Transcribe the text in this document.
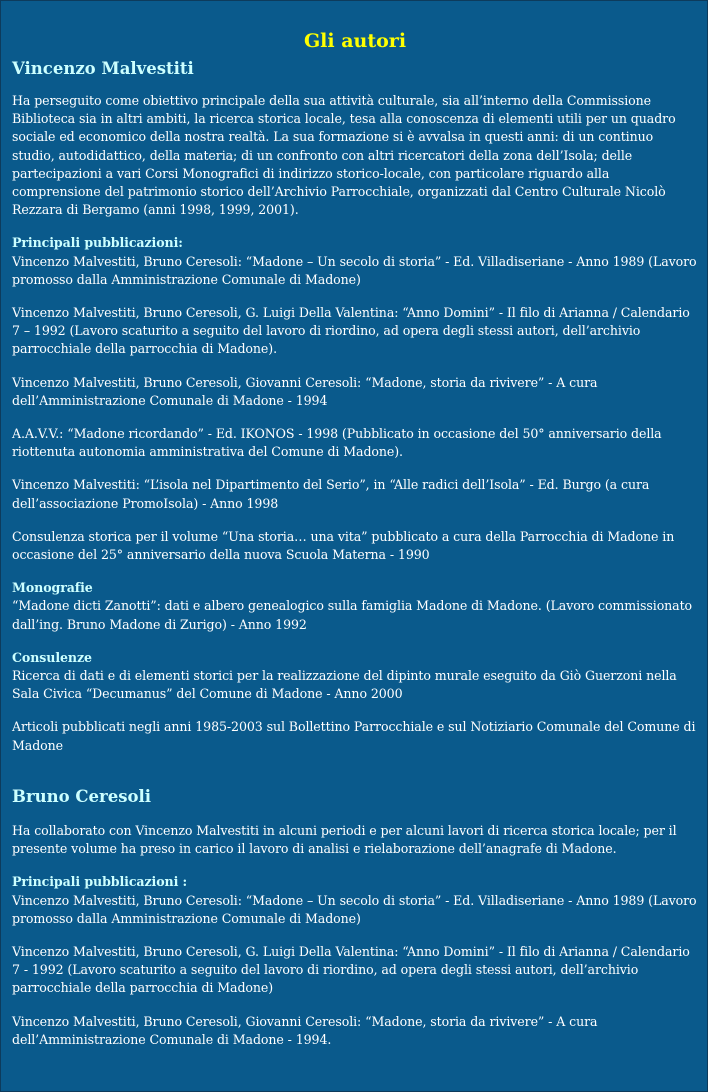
Gli autori
Vincenzo Malvestiti

Ha perseguito come obiettivo principale della sua attività culturale, sia all’interno della Commissione Biblioteca sia in altri ambiti, la ricerca storica locale, tesa alla conoscenza di elementi utili per un quadro sociale ed economico della nostra realtà. La sua formazione si è avvalsa in questi anni: di un continuo studio, autodidattico, della materia; di un confronto con altri ricercatori della zona dell’Isola; delle partecipazioni a vari Corsi Monografici di indirizzo storico-locale, con particolare riguardo alla comprensione del patrimonio storico dell’Archivio Parrocchiale, organizzati dal Centro Culturale Nicolò Rezzara di Bergamo (anni 1998, 1999, 2001).

Principali pubblicazioni:
Vincenzo Malvestiti, Bruno Ceresoli: “Madone – Un secolo di storia” - Ed. Villadiseriane - Anno 1989 (Lavoro promosso dalla Amministrazione Comunale di Madone)

Vincenzo Malvestiti, Bruno Ceresoli, G. Luigi Della Valentina: “Anno Domini” - Il filo di Arianna / Calendario 7 – 1992 (Lavoro scaturito a seguito del lavoro di riordino, ad opera degli stessi autori, dell’archivio parrocchiale della parrocchia di Madone).

Vincenzo Malvestiti, Bruno Ceresoli, Giovanni Ceresoli: “Madone, storia da rivivere” - A cura dell’Amministrazione Comunale di Madone - 1994

A.A.V.V.: “Madone ricordando” - Ed. IKONOS - 1998 (Pubblicato in occasione del 50° anniversario della riottenuta autonomia amministrativa del Comune di Madone).

Vincenzo Malvestiti: “L’isola nel Dipartimento del Serio”, in “Alle radici dell’Isola” - Ed. Burgo (a cura dell’associazione PromoIsola) - Anno 1998

Consulenza storica per il volume “Una storia… una vita” pubblicato a cura della Parrocchia di Madone in occasione del 25° anniversario della nuova Scuola Materna - 1990

Monografie
“Madone dicti Zanotti”: dati e albero genealogico sulla famiglia Madone di Madone. (Lavoro commissionato dall’ing. Bruno Madone di Zurigo) - Anno 1992

Consulenze
Ricerca di dati e di elementi storici per la realizzazione del dipinto murale eseguito da Giò Guerzoni nella Sala Civica “Decumanus” del Comune di Madone - Anno 2000

Articoli pubblicati negli anni 1985-2003 sul Bollettino Parrocchiale e sul Notiziario Comunale del Comune di Madone

Bruno Ceresoli

Ha collaborato con Vincenzo Malvestiti in alcuni periodi e per alcuni lavori di ricerca storica locale; per il presente volume ha preso in carico il lavoro di analisi e rielaborazione dell’anagrafe di Madone.

Principali pubblicazioni :
Vincenzo Malvestiti, Bruno Ceresoli: “Madone – Un secolo di storia” - Ed. Villadiseriane - Anno 1989 (Lavoro promosso dalla Amministrazione Comunale di Madone)

Vincenzo Malvestiti, Bruno Ceresoli, G. Luigi Della Valentina: “Anno Domini” - Il filo di Arianna / Calendario 7 - 1992 (Lavoro scaturito a seguito del lavoro di riordino, ad opera degli stessi autori, dell’archivio parrocchiale della parrocchia di Madone)

Vincenzo Malvestiti, Bruno Ceresoli, Giovanni Ceresoli: “Madone, storia da rivivere” - A cura dell’Amministrazione Comunale di Madone - 1994.
